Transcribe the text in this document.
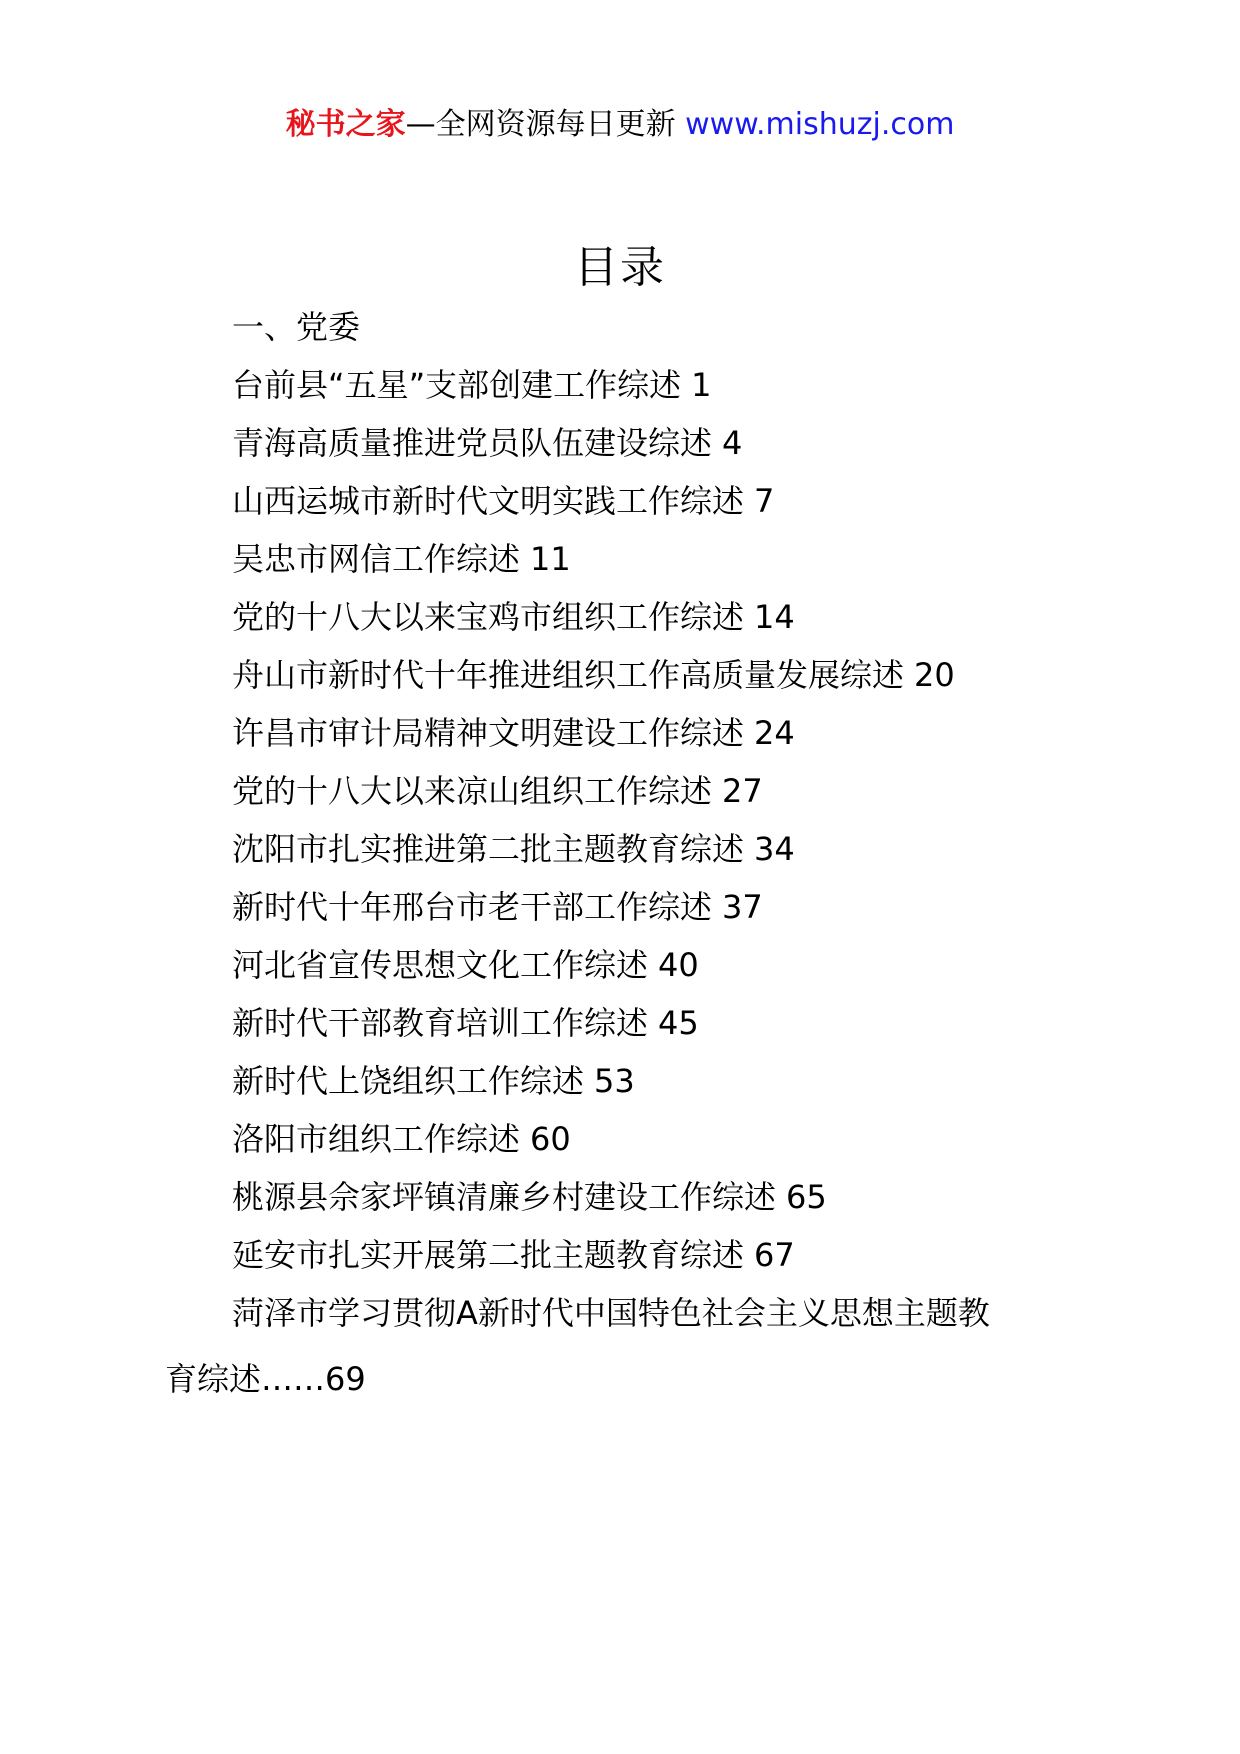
秘书之家—全网资源每日更新 www.mishuzj.com
目录
一、党委
台前县“五星”支部创建工作综述 1
青海高质量推进党员队伍建设综述 4
山西运城市新时代文明实践工作综述 7
吴忠市网信工作综述 11
党的十八大以来宝鸡市组织工作综述 14
舟山市新时代十年推进组织工作高质量发展综述 20
许昌市审计局精神文明建设工作综述 24
党的十八大以来凉山组织工作综述 27
沈阳市扎实推进第二批主题教育综述 34
新时代十年邢台市老干部工作综述 37
河北省宣传思想文化工作综述 40
新时代干部教育培训工作综述 45
新时代上饶组织工作综述 53
洛阳市组织工作综述 60
桃源县佘家坪镇清廉乡村建设工作综述 65
延安市扎实开展第二批主题教育综述 67
菏泽市学习贯彻A新时代中国特色社会主义思想主题教育综述……69
